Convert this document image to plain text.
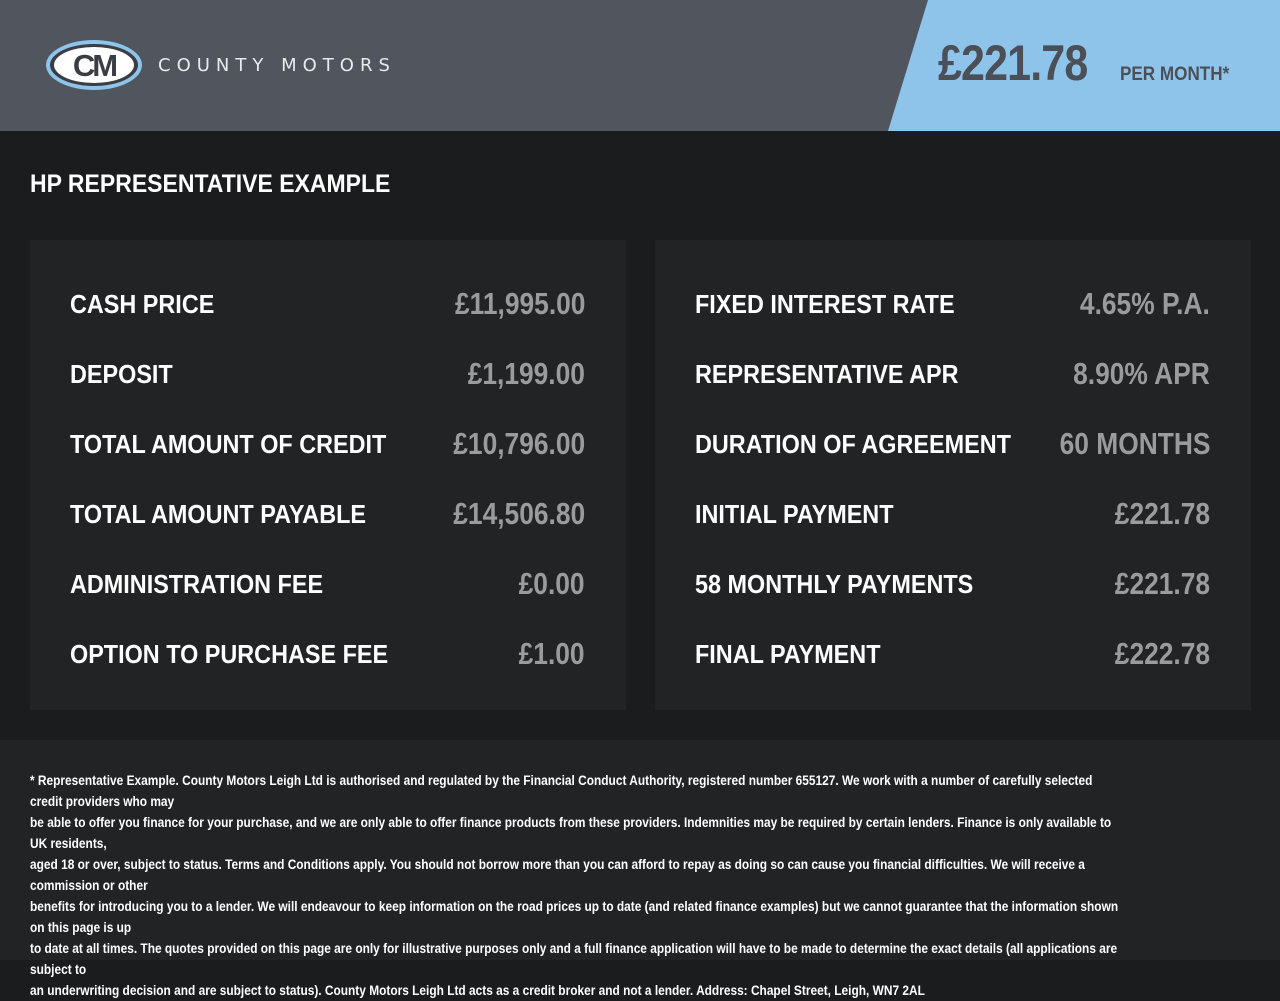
CM COUNTY MOTORS	£221.78 PER MONTH*
HP REPRESENTATIVE EXAMPLE
CASH PRICE	£11,995.00
DEPOSIT	£1,199.00
TOTAL AMOUNT OF CREDIT £10,796.00
TOTAL AMOUNT PAYABLE	£14,506.80
ADMINISTRATION FEE	£0.00
OPTION TO PURCHASE FEE	£1.00
FIXED INTEREST RATE	4.65% P.A.
REPRESENTATIVE APR	8.90% APR
DURATION OF AGREEMENT 60 MONTHS
INITIAL PAYMENT	£221.78
58 MONTHLY PAYMENTS	£221.78
FINAL PAYMENT	£222.78
* Representative Example. County Motors Leigh Ltd is authorised and regulated by the Financial Conduct Authority, registered number 655127. We work with a number of carefully selected credit providers who may
be able to offer you finance for your purchase, and we are only able to offer finance products from these providers. Indemnities may be required by certain lenders. Finance is only available to UK residents,
aged 18 or over, subject to status. Terms and Conditions apply. You should not borrow more than you can afford to repay as doing so can cause you financial difficulties. We will receive a commission or other
benefits for introducing you to a lender. We will endeavour to keep information on the road prices up to date (and related finance examples) but we cannot guarantee that the information shown on this page is up
to date at all times. The quotes provided on this page are only for illustrative purposes only and a full finance application will have to be made to determine the exact details (all applications are subject to
an underwriting decision and are subject to status). County Motors Leigh Ltd acts as a credit broker and not a lender. Address: Chapel Street, Leigh, WN7 2AL
